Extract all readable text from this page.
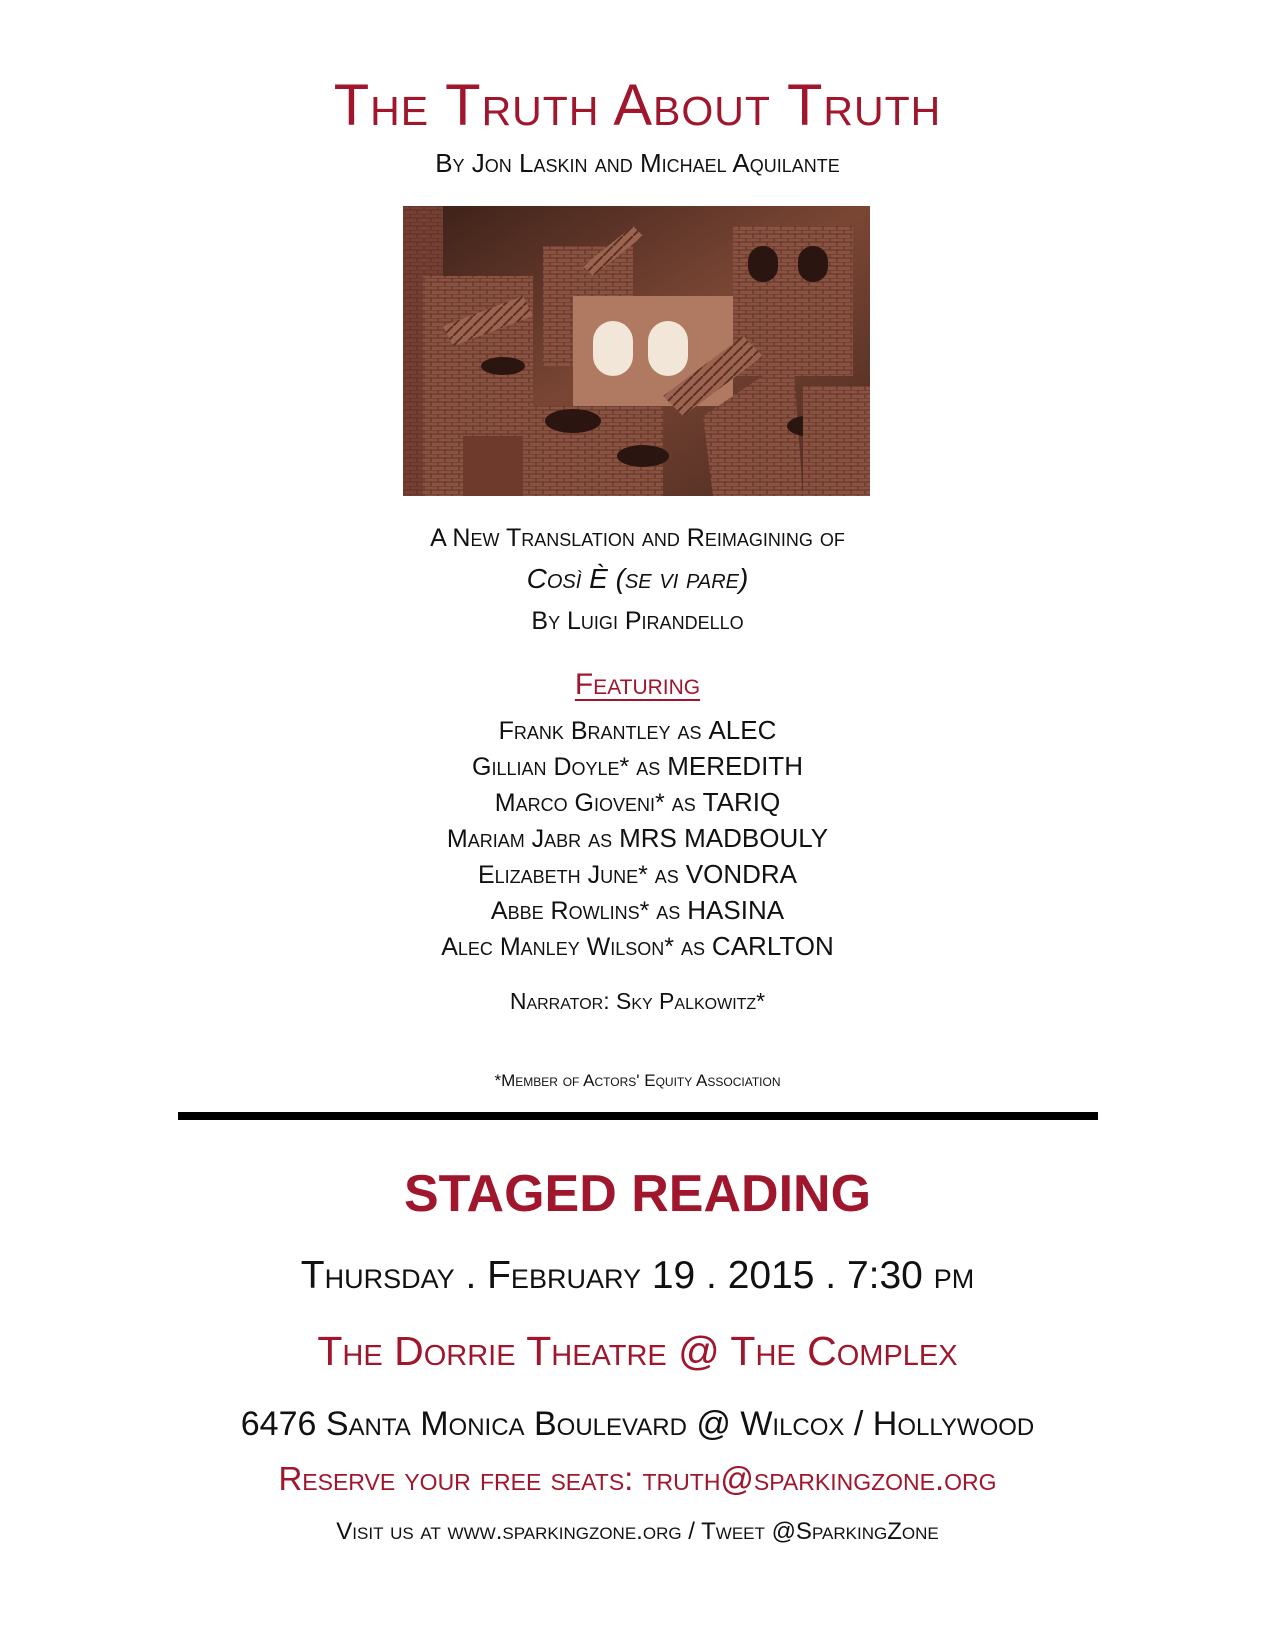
The Truth About Truth
By Jon Laskin and Michael Aquilante
A New Translation and Reimagining of
Così È (se vi pare)
By Luigi Pirandello
Featuring
Frank Brantley as ALEC
Gillian Doyle* as MEREDITH
Marco Gioveni* as TARIQ
Mariam Jabr as MRS MADBOULY
Elizabeth June* as VONDRA
Abbe Rowlins* as HASINA
Alec Manley Wilson* as CARLTON
Narrator: Sky Palkowitz*
*Member of Actors' Equity Association
STAGED READING
Thursday . February 19 . 2015 . 7:30 pm
The Dorrie Theatre @ The Complex
6476 Santa Monica Boulevard @ Wilcox / Hollywood
Reserve your free seats: truth@sparkingzone.org
Visit us at www.sparkingzone.org / Tweet @SparkingZone
